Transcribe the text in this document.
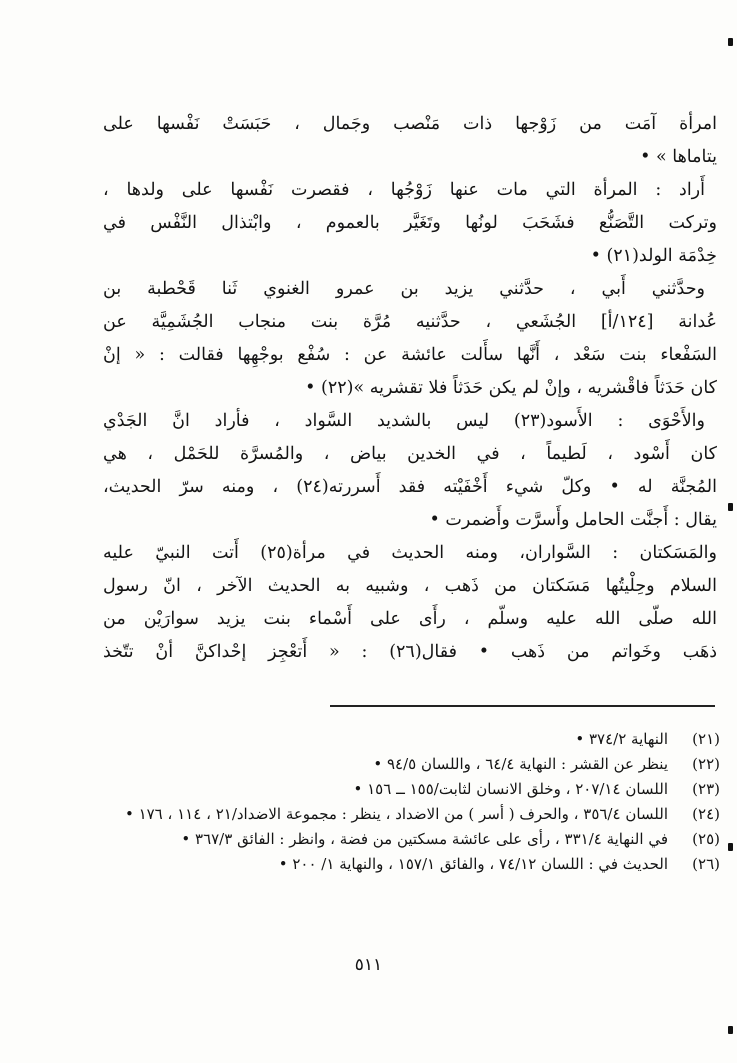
امرأة آمَت من زَوْجها ذات مَنْصب وجَمال ، حَبَسَتْ نَفْسها على
يتاماها » •
أَراد : المرأة التي مات عنها زَوْجُها ، فقصرت نَفْسها على ولدها ،
وتركت التَّصَنُّع فشَحَبَ لونُها وتَغَيَّر بالعموم ، وابْتذال النَّفْس في
خِدْمَة الولد(٢١) •
وحدَّثني أَبي ، حدَّثني يزيد بن عمرو الغنوي ثَنا قَحْطبة بن
عُدانة [١٢٤/أ] الجُشَعي ، حدَّثنيه مُرَّة بنت منجاب الجُشَمِيَّة عن
السَفْعاء بنت سَعْد ، أَنَّها سأَلت عائشة عن : سُفْع بوجْهِها فقالت : « إنْ
كان حَدَثاً فاقْشريه ، وإنْ لم يكن حَدَثاً فلا تقشريه »(٢٢) •
والأَحْوَى : الأَسود(٢٣) ليس بالشديد السَّواد ، فأراد انَّ الجَدْي
كان أَسْود ، لَطيماً ، في الخدين بياض ، والمُسرَّة للحَمْل ، هي
المُجنَّة له • وكلّ شيء أَخْفَيْته فقد أَسررته(٢٤) ، ومنه سرّ الحديث،
يقال : أَجنَّت الحامل وأَسرَّت وأَضمرت •
والمَسَكتان : السَّواران، ومنه الحديث في مرأة(٢٥) أَتت النبيّ عليه
السلام وحِلْيتُها مَسَكتان من ذَهب ، وشبيه به الحديث الآخر ، انّ رسول
الله صلّى الله عليه وسلّم ، رأَى على أَسْماء بنت يزيد سوارَيْن من
ذهَب وخَواتم من ذَهب • فقال(٢٦) : « أَتعْجِز إحْداكنَّ أنْ تتّخذ
(٢١)
النهاية ٣٧٤/٢ •
(٢٢)
ينظر عن القشر : النهاية ٦٤/٤ ، واللسان ٩٤/٥ •
(٢٣)
اللسان ٢٠٧/١٤ ، وخلق الانسان لثابت/١٥٥ ــ ١٥٦ •
(٢٤)
اللسان ٣٥٦/٤ ، والحرف ( أسر ) من الاضداد ، ينظر : مجموعة الاضداد/٢١ ، ١١٤ ، ١٧٦ •
(٢٥)
في النهاية ٣٣١/٤ ، رأى على عائشة مسكتين من فضة ، وانظر : الفائق ٣٦٧/٣ •
(٢٦)
الحديث في : اللسان ٧٤/١٢ ، والفائق ١٥٧/١ ، والنهاية ١/ ٢٠٠ •
٥١١
